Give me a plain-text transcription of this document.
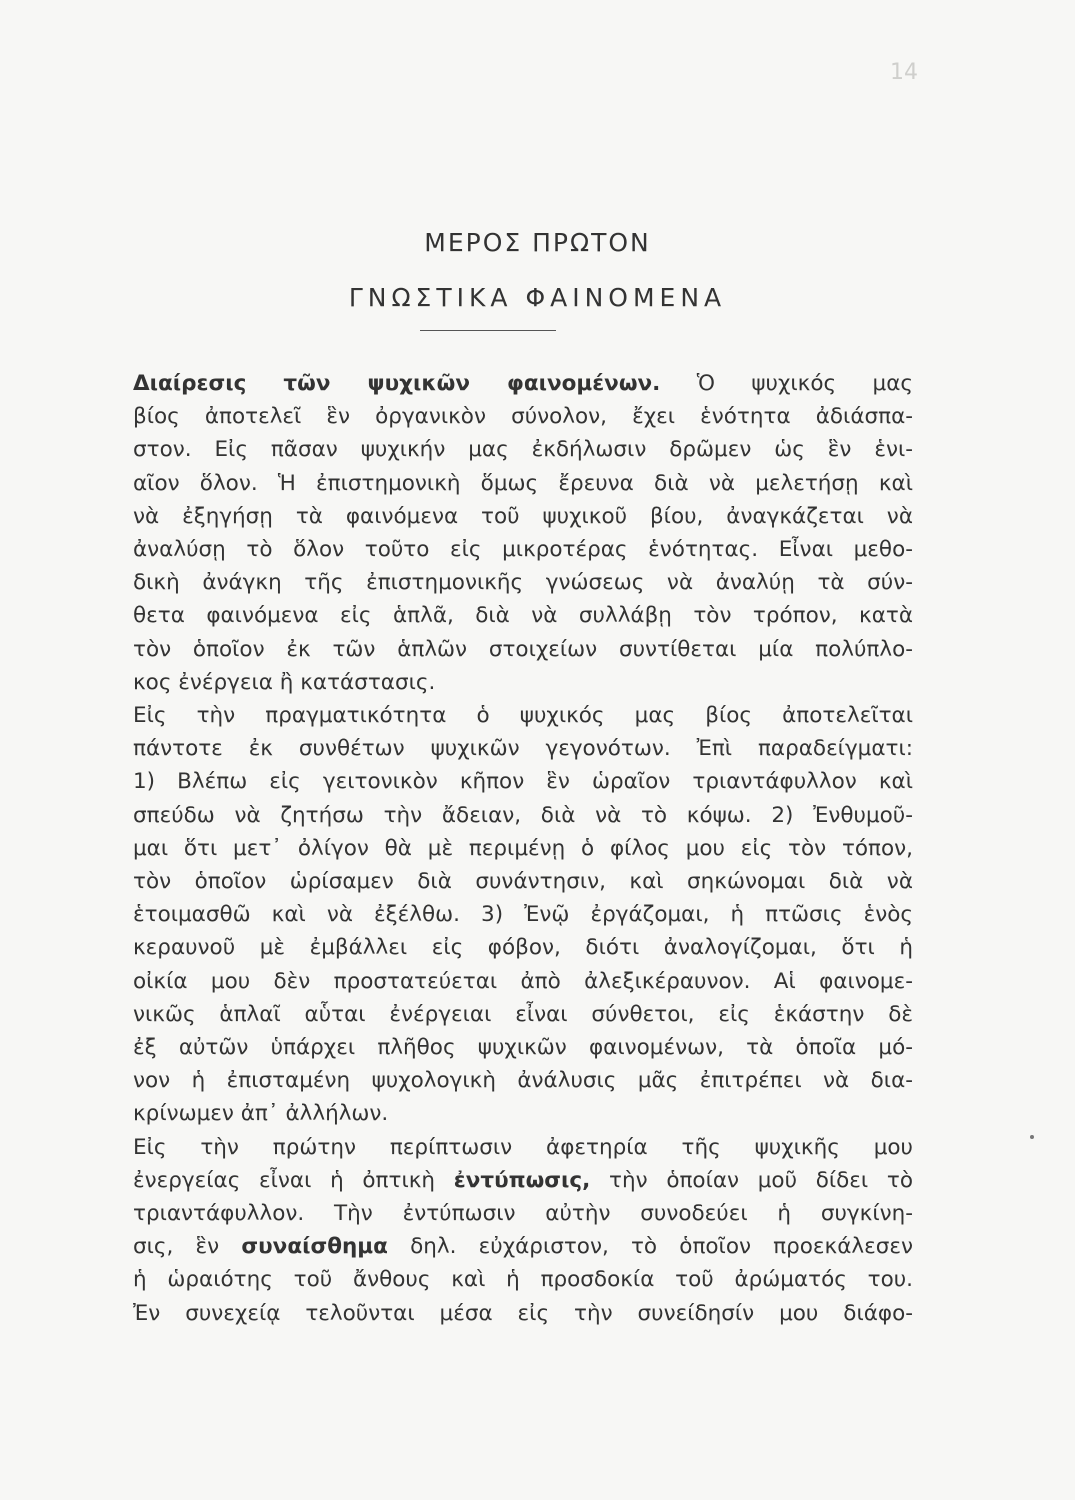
14
ΜΕΡΟΣ ΠΡΩΤΟΝ
ΓΝΩΣΤΙΚΑ ΦΑΙΝΟΜΕΝΑ
Διαίρεσις τῶν ψυχικῶν φαινομένων. Ὁ ψυχικός μας
βίος ἀποτελεῖ ἓν ὀργανικὸν σύνολον, ἔχει ἑνότητα ἀδιάσπα-
στον. Εἰς πᾶσαν ψυχικήν μας ἐκδήλωσιν δρῶμεν ὡς ἓν ἑνι-
αῖον ὅλον. Ἡ ἐπιστημονικὴ ὅμως ἔρευνα διὰ νὰ μελετήσῃ καὶ
νὰ ἐξηγήσῃ τὰ φαινόμενα τοῦ ψυχικοῦ βίου, ἀναγκάζεται νὰ
ἀναλύσῃ τὸ ὅλον τοῦτο εἰς μικροτέρας ἑνότητας. Εἶναι μεθο-
δικὴ ἀνάγκη τῆς ἐπιστημονικῆς γνώσεως νὰ ἀναλύῃ τὰ σύν-
θετα φαινόμενα εἰς ἁπλᾶ, διὰ νὰ συλλάβῃ τὸν τρόπον, κατὰ
τὸν ὁποῖον ἐκ τῶν ἁπλῶν στοιχείων συντίθεται μία πολύπλο-
κος ἐνέργεια ἢ κατάστασις.
Εἰς τὴν πραγματικότητα ὁ ψυχικός μας βίος ἀποτελεῖται
πάντοτε ἐκ συνθέτων ψυχικῶν γεγονότων. Ἐπὶ παραδείγματι:
1) Βλέπω εἰς γειτονικὸν κῆπον ἓν ὡραῖον τριαντάφυλλον καὶ
σπεύδω νὰ ζητήσω τὴν ἄδειαν, διὰ νὰ τὸ κόψω. 2) Ἐνθυμοῦ-
μαι ὅτι μετ᾽ ὀλίγον θὰ μὲ περιμένῃ ὁ φίλος μου εἰς τὸν τόπον,
τὸν ὁποῖον ὡρίσαμεν διὰ συνάντησιν, καὶ σηκώνομαι διὰ νὰ
ἑτοιμασθῶ καὶ νὰ ἐξέλθω. 3) Ἐνῷ ἐργάζομαι, ἡ πτῶσις ἑνὸς
κεραυνοῦ μὲ ἐμβάλλει εἰς φόβον, διότι ἀναλογίζομαι, ὅτι ἡ
οἰκία μου δὲν προστατεύεται ἀπὸ ἀλεξικέραυνον. Αἱ φαινομε-
νικῶς ἁπλαῖ αὗται ἐνέργειαι εἶναι σύνθετοι, εἰς ἑκάστην δὲ
ἐξ αὐτῶν ὑπάρχει πλῆθος ψυχικῶν φαινομένων, τὰ ὁποῖα μό-
νον ἡ ἐπισταμένη ψυχολογικὴ ἀνάλυσις μᾶς ἐπιτρέπει νὰ δια-
κρίνωμεν ἀπ᾽ ἀλλήλων.
Εἰς τὴν πρώτην περίπτωσιν ἀφετηρία τῆς ψυχικῆς μου
ἐνεργείας εἶναι ἡ ὀπτικὴ ἐντύπωσις, τὴν ὁποίαν μοῦ δίδει τὸ
τριαντάφυλλον. Τὴν ἐντύπωσιν αὐτὴν συνοδεύει ἡ συγκίνη-
σις, ἓν συναίσθημα δηλ. εὐχάριστον, τὸ ὁποῖον προεκάλεσεν
ἡ ὡραιότης τοῦ ἄνθους καὶ ἡ προσδοκία τοῦ ἀρώματός του.
Ἐν συνεχείᾳ τελοῦνται μέσα εἰς τὴν συνείδησίν μου διάφο-
